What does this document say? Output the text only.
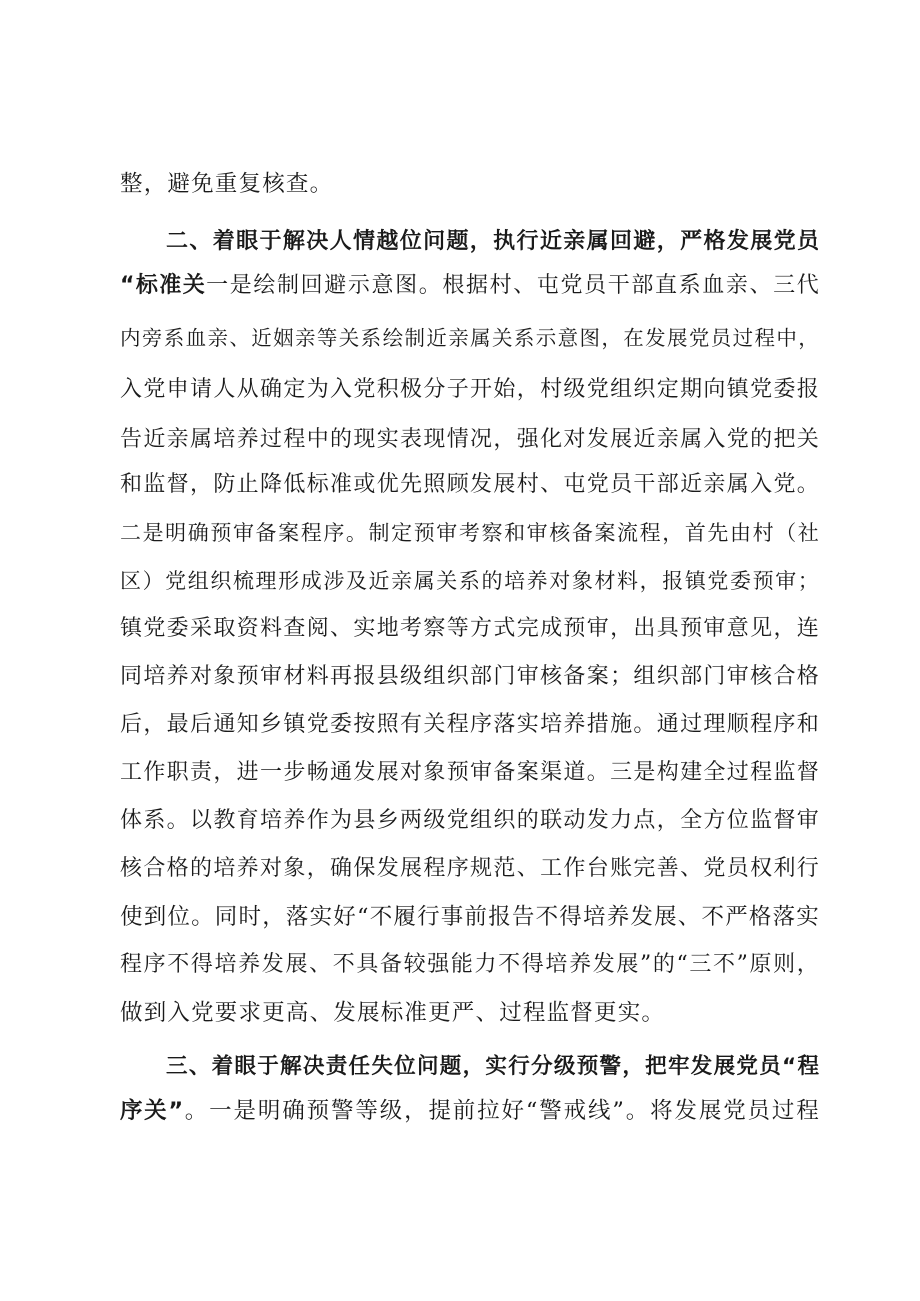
整，避免重复核查。
二、着眼于解决人情越位问题，执行近亲属回避，严格发展党员
“标准关一是绘制回避示意图。根据村、屯党员干部直系血亲、三代
内旁系血亲、近姻亲等关系绘制近亲属关系示意图，在发展党员过程中，
入党申请人从确定为入党积极分子开始，村级党组织定期向镇党委报
告近亲属培养过程中的现实表现情况，强化对发展近亲属入党的把关
和监督，防止降低标准或优先照顾发展村、屯党员干部近亲属入党。
二是明确预审备案程序。制定预审考察和审核备案流程，首先由村（社
区）党组织梳理形成涉及近亲属关系的培养对象材料，报镇党委预审；
镇党委采取资料查阅、实地考察等方式完成预审，出具预审意见，连
同培养对象预审材料再报县级组织部门审核备案；组织部门审核合格
后，最后通知乡镇党委按照有关程序落实培养措施。通过理顺程序和
工作职责，进一步畅通发展对象预审备案渠道。三是构建全过程监督
体系。以教育培养作为县乡两级党组织的联动发力点，全方位监督审
核合格的培养对象，确保发展程序规范、工作台账完善、党员权利行
使到位。同时，落实好“不履行事前报告不得培养发展、不严格落实
程序不得培养发展、不具备较强能力不得培养发展”的“三不”原则，
做到入党要求更高、发展标准更严、过程监督更实。
三、着眼于解决责任失位问题，实行分级预警，把牢发展党员“程
序关”。一是明确预警等级，提前拉好“警戒线”。将发展党员过程
